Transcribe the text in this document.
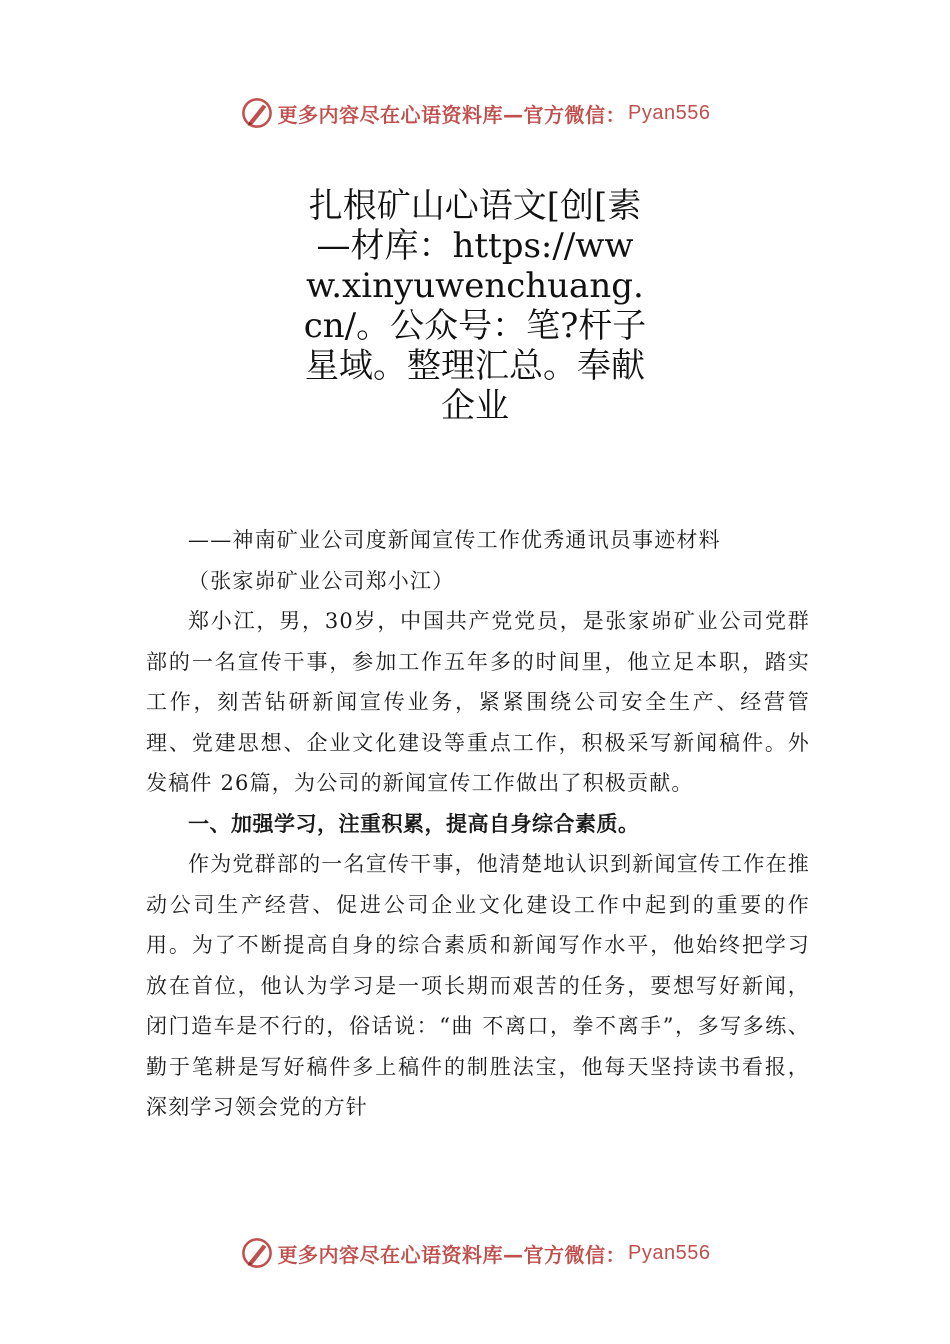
更多内容尽在心语资料库—官方微信： Pyan556
扎根矿山心语文[创[素—材库：https://www.xinyuwenchuang.cn/。公众号：笔?杆子星域。整理汇总。奉献企业

——神南矿业公司度新闻宣传工作优秀通讯员事迹材料

（张家峁矿业公司郑小江）

郑小江，男，30岁，中国共产党党员，是张家峁矿业公司党群部的一名宣传干事，参加工作五年多的时间里，他立足本职，踏实工作，刻苦钻研新闻宣传业务，紧紧围绕公司安全生产、经营管理、党建思想、企业文化建设等重点工作，积极采写新闻稿件。外发稿件 26篇，为公司的新闻宣传工作做出了积极贡献。

一、加强学习，注重积累，提高自身综合素质。

作为党群部的一名宣传干事，他清楚地认识到新闻宣传工作在推动公司生产经营、促进公司企业文化建设工作中起到的重要的作用。为了不断提高自身的综合素质和新闻写作水平，他始终把学习放在首位，他认为学习是一项长期而艰苦的任务，要想写好新闻，闭门造车是不行的，俗话说：“曲 不离口，拳不离手”，多写多练、勤于笔耕是写好稿件多上稿件的制胜法宝，他每天坚持读书看报，深刻学习领会党的方针

更多内容尽在心语资料库—官方微信： Pyan556
